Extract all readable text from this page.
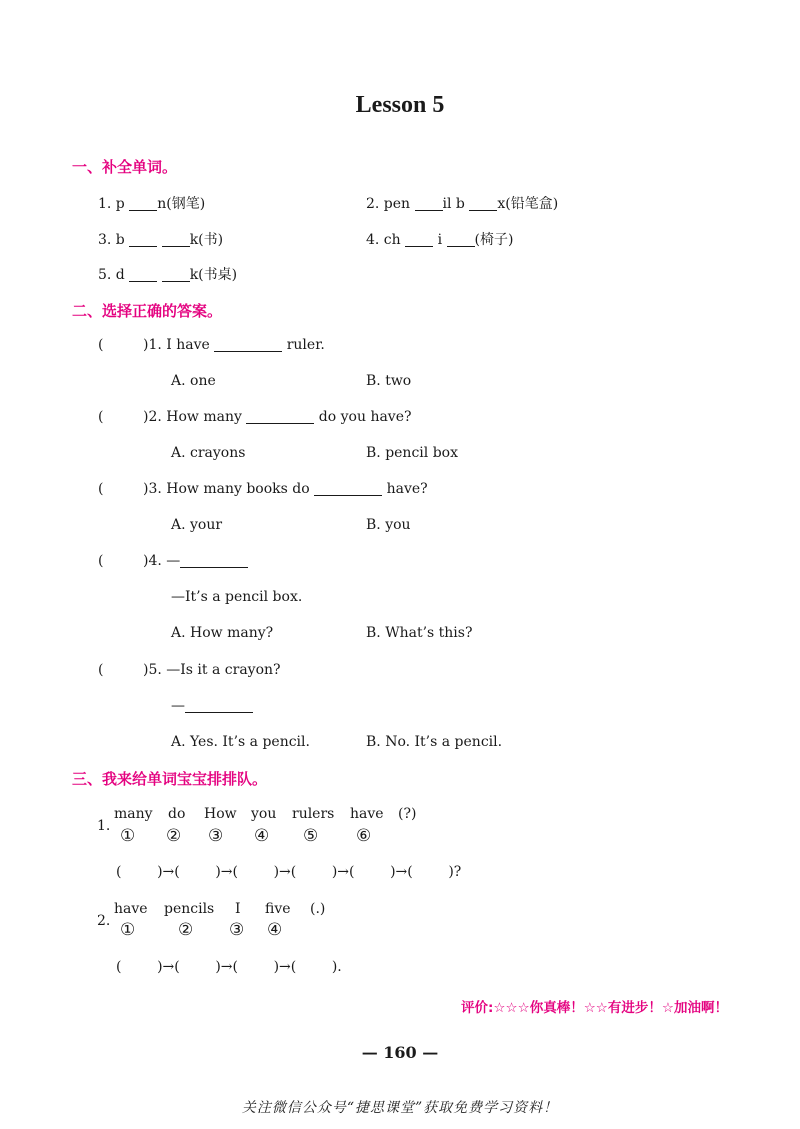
Lesson 5
一、补全单词。
1. p n(钢笔)	2. pen il b x(铅笔盒)
3. b	k(书)	4. ch	i (椅子)
5. d	k(书桌)
二、选择正确的答案。
(	)1. I have	ruler.
A. one	B. two
(	)2. How many	do you have?
A. crayons	B. pencil box
(	)3. How many books do	have?
A. your	B. you
(	)4. —
—It’s a pencil box.
A. How many?	B. What’s this?
(	)5. —Is it a crayon?
—
A. Yes. It’s a pencil.	B. No. It’s a pencil.
三、我来给单词宝宝排排队。
1.
many do How you rulers have (?)
① ② ③ ④ ⑤ ⑥
(        )→(        )→(        )→(        )→(        )→(        )?
2.
have pencils I five (.)
①	② ③ ④
(        )→(        )→(        )→(        ).
评价:☆☆☆你真棒！☆☆有进步！☆加油啊！
— 160 —
关注微信公众号“捷思课堂”获取免费学习资料！
